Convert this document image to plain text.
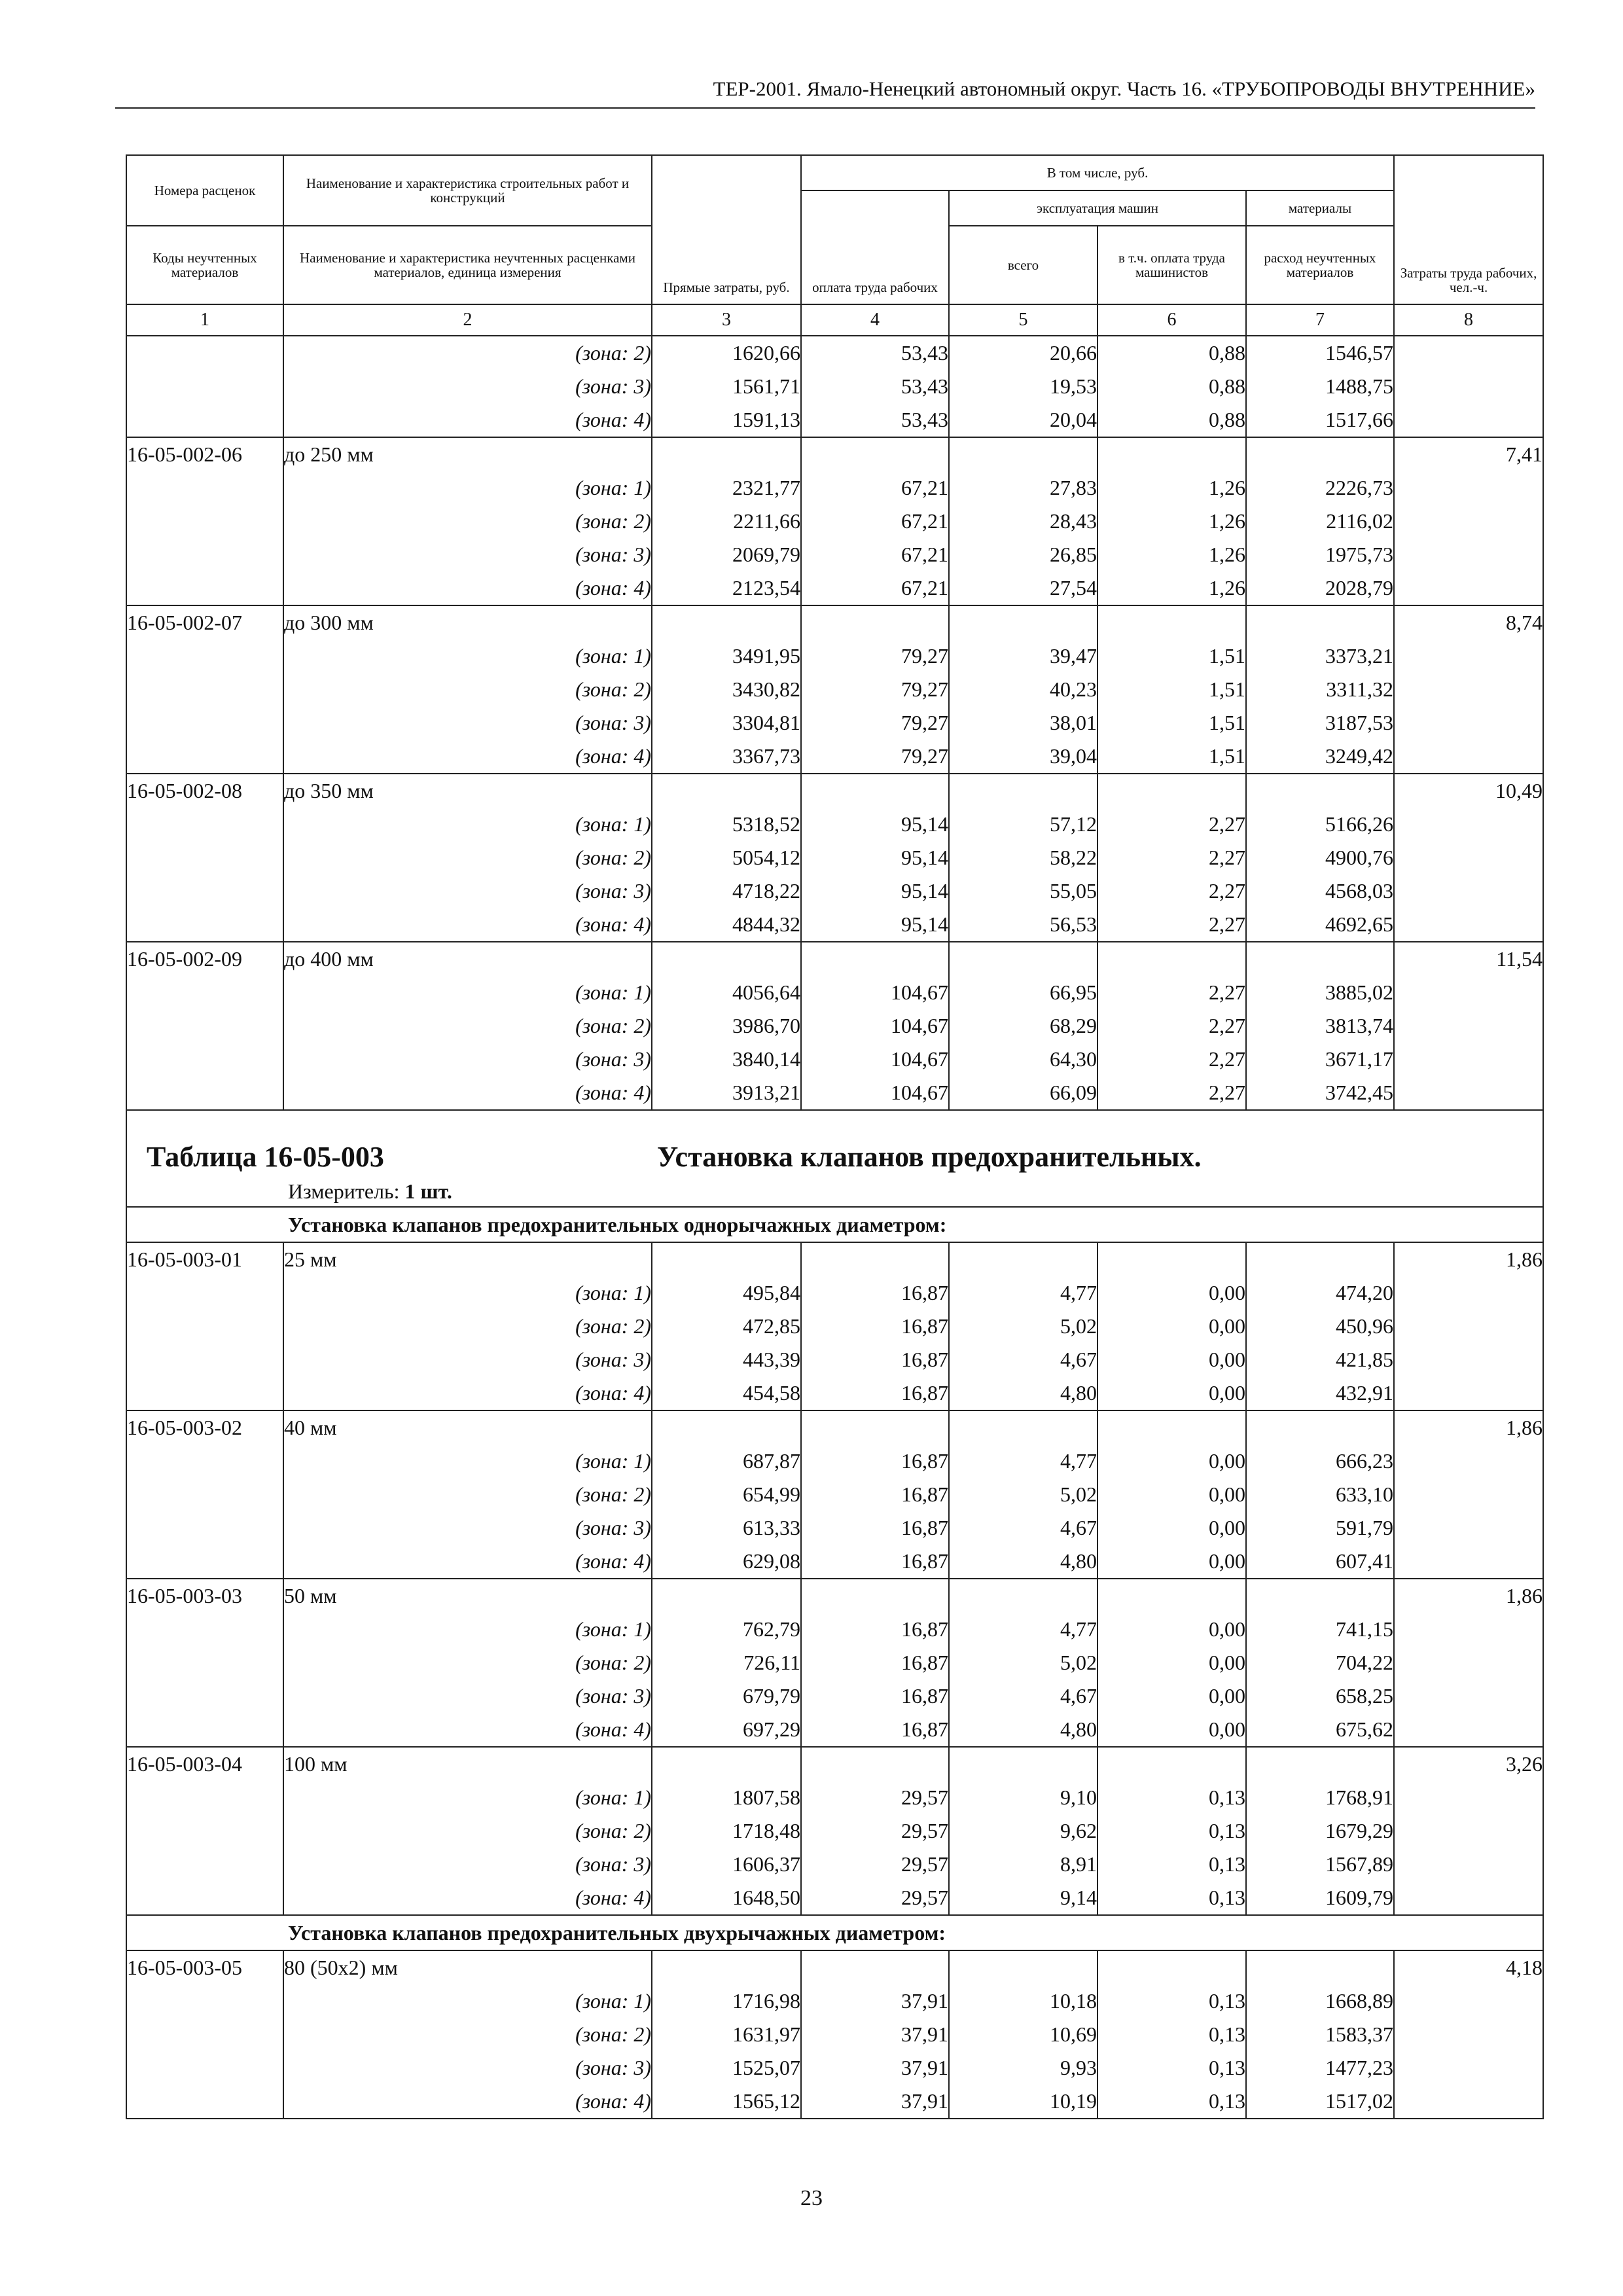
ТЕР-2001. Ямало-Ненецкий автономный округ. Часть 16. «ТРУБОПРОВОДЫ ВНУТРЕННИЕ»
Номера расценок	Наименование и характеристика строительных работ и конструкций	Прямые затраты, руб.	В том числе, руб.				Затраты труда рабочих, чел.-ч.
			оплата труда рабочих	эксплуатация машин		материалы	
Коды неучтенных материалов	Наименование и характеристика неучтенных расценками материалов, единица измерения			всего	в т.ч. оплата труда машинистов	расход неучтенных материалов	
1	2	3	4	5	6	7	8
	(зона: 2)	1620,66	53,43	20,66	0,88	1546,57	
	(зона: 3)	1561,71	53,43	19,53	0,88	1488,75	
	(зона: 4)	1591,13	53,43	20,04	0,88	1517,66	
16-05-002-06	до 250 мм						7,41
	(зона: 1)	2321,77	67,21	27,83	1,26	2226,73	
	(зона: 2)	2211,66	67,21	28,43	1,26	2116,02	
	(зона: 3)	2069,79	67,21	26,85	1,26	1975,73	
	(зона: 4)	2123,54	67,21	27,54	1,26	2028,79	
16-05-002-07	до 300 мм						8,74
	(зона: 1)	3491,95	79,27	39,47	1,51	3373,21	
	(зона: 2)	3430,82	79,27	40,23	1,51	3311,32	
	(зона: 3)	3304,81	79,27	38,01	1,51	3187,53	
	(зона: 4)	3367,73	79,27	39,04	1,51	3249,42	
16-05-002-08	до 350 мм						10,49
	(зона: 1)	5318,52	95,14	57,12	2,27	5166,26	
	(зона: 2)	5054,12	95,14	58,22	2,27	4900,76	
	(зона: 3)	4718,22	95,14	55,05	2,27	4568,03	
	(зона: 4)	4844,32	95,14	56,53	2,27	4692,65	
16-05-002-09	до 400 мм						11,54
	(зона: 1)	4056,64	104,67	66,95	2,27	3885,02	
	(зона: 2)	3986,70	104,67	68,29	2,27	3813,74	
	(зона: 3)	3840,14	104,67	64,30	2,27	3671,17	
	(зона: 4)	3913,21	104,67	66,09	2,27	3742,45	
Таблица 16-05-003 Установка клапанов предохранительных.							
Измеритель: 1 шт.							
Установка клапанов предохранительных однорычажных диаметром:							
16-05-003-01	25 мм						1,86
	(зона: 1)	495,84	16,87	4,77	0,00	474,20	
	(зона: 2)	472,85	16,87	5,02	0,00	450,96	
	(зона: 3)	443,39	16,87	4,67	0,00	421,85	
	(зона: 4)	454,58	16,87	4,80	0,00	432,91	
16-05-003-02	40 мм						1,86
	(зона: 1)	687,87	16,87	4,77	0,00	666,23	
	(зона: 2)	654,99	16,87	5,02	0,00	633,10	
	(зона: 3)	613,33	16,87	4,67	0,00	591,79	
	(зона: 4)	629,08	16,87	4,80	0,00	607,41	
16-05-003-03	50 мм						1,86
	(зона: 1)	762,79	16,87	4,77	0,00	741,15	
	(зона: 2)	726,11	16,87	5,02	0,00	704,22	
	(зона: 3)	679,79	16,87	4,67	0,00	658,25	
	(зона: 4)	697,29	16,87	4,80	0,00	675,62	
16-05-003-04	100 мм						3,26
	(зона: 1)	1807,58	29,57	9,10	0,13	1768,91	
	(зона: 2)	1718,48	29,57	9,62	0,13	1679,29	
	(зона: 3)	1606,37	29,57	8,91	0,13	1567,89	
	(зона: 4)	1648,50	29,57	9,14	0,13	1609,79	
Установка клапанов предохранительных двухрычажных диаметром:							
16-05-003-05	80 (50х2) мм						4,18
	(зона: 1)	1716,98	37,91	10,18	0,13	1668,89	
	(зона: 2)	1631,97	37,91	10,69	0,13	1583,37	
	(зона: 3)	1525,07	37,91	9,93	0,13	1477,23	
	(зона: 4)	1565,12	37,91	10,19	0,13	1517,02	
23
